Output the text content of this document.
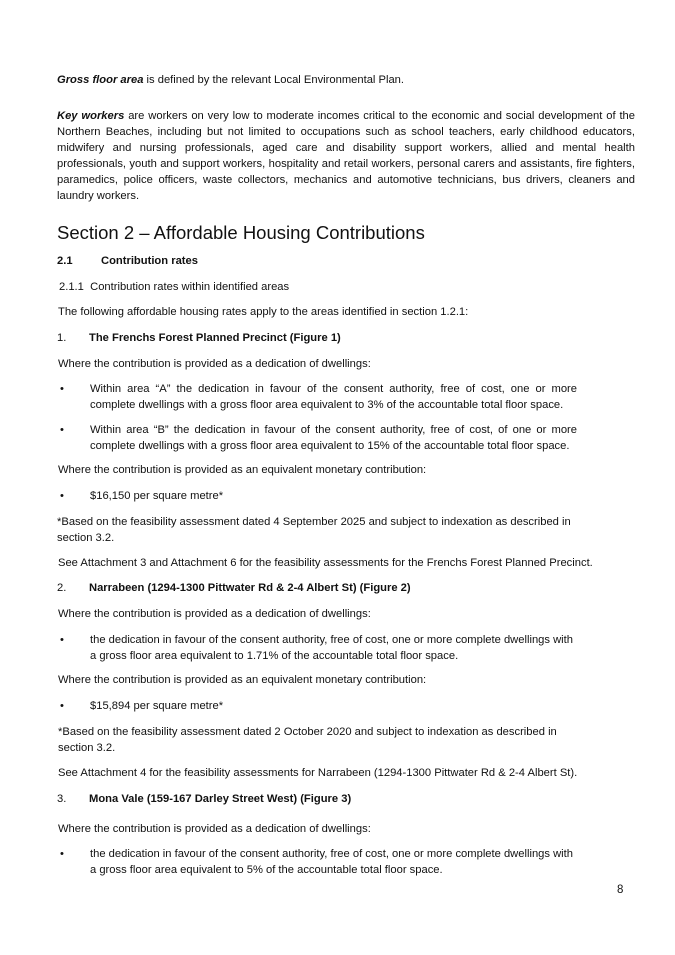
Gross floor area is defined by the relevant Local Environmental Plan.
Key workers are workers on very low to moderate incomes critical to the economic and social development of the Northern Beaches, including but not limited to occupations such as school teachers, early childhood educators, midwifery and nursing professionals, aged care and disability support workers, allied and mental health professionals, youth and support workers, hospitality and retail workers, personal carers and assistants, fire fighters, paramedics, police officers, waste collectors, mechanics and automotive technicians, bus drivers, cleaners and laundry workers.
Section 2 – Affordable Housing Contributions
2.1	Contribution rates
2.1.1 Contribution rates within identified areas
The following affordable housing rates apply to the areas identified in section 1.2.1:
1. The Frenchs Forest Planned Precinct (Figure 1)
Where the contribution is provided as a dedication of dwellings:
• Within area “A” the dedication in favour of the consent authority, free of cost, one or more complete dwellings with a gross floor area equivalent to 3% of the accountable total floor space.
• Within area “B” the dedication in favour of the consent authority, free of cost, of one or more complete dwellings with a gross floor area equivalent to 15% of the accountable total floor space.
Where the contribution is provided as an equivalent monetary contribution:
• $16,150 per square metre*
*Based on the feasibility assessment dated 4 September 2025 and subject to indexation as described in section 3.2.
See Attachment 3 and Attachment 6 for the feasibility assessments for the Frenchs Forest Planned Precinct.
2. Narrabeen (1294-1300 Pittwater Rd & 2-4 Albert St) (Figure 2)
Where the contribution is provided as a dedication of dwellings:
• the dedication in favour of the consent authority, free of cost, one or more complete dwellings with a gross floor area equivalent to 1.71% of the accountable total floor space.
Where the contribution is provided as an equivalent monetary contribution:
• $15,894 per square metre*
*Based on the feasibility assessment dated 2 October 2020 and subject to indexation as described in section 3.2.
See Attachment 4 for the feasibility assessments for Narrabeen (1294-1300 Pittwater Rd & 2-4 Albert St).
3. Mona Vale (159-167 Darley Street West) (Figure 3)
Where the contribution is provided as a dedication of dwellings:
• the dedication in favour of the consent authority, free of cost, one or more complete dwellings with a gross floor area equivalent to 5% of the accountable total floor space.
8
